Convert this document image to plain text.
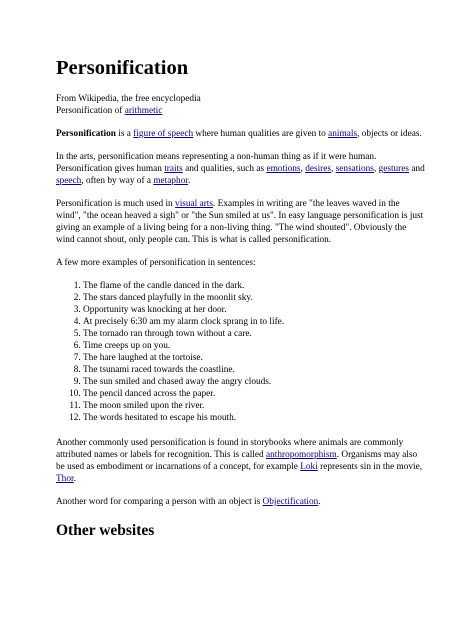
Personification
From Wikipedia, the free encyclopedia
Personification of arithmetic

Personification is a figure of speech where human qualities are given to animals, objects or ideas.

In the arts, personification means representing a non-human thing as if it were human. Personification gives human traits and qualities, such as emotions, desires, sensations, gestures and speech, often by way of a metaphor.

Personification is much used in visual arts. Examples in writing are "the leaves waved in the wind", "the ocean heaved a sigh" or "the Sun smiled at us". In easy language personification is just giving an example of a living being for a non-living thing. "The wind shouted". Obviously the wind cannot shout, only people can. This is what is called personification.

A few more examples of personification in sentences:

1. The flame of the candle danced in the dark.
2. The stars danced playfully in the moonlit sky.
3. Opportunity was knocking at her door.
4. At precisely 6:30 am my alarm clock sprang in to life.
5. The tornado ran through town without a care.
6. Time creeps up on you.
7. The hare laughed at the tortoise.
8. The tsunami raced towards the coastline.
9. The sun smiled and chased away the angry clouds.
10. The pencil danced across the paper.
11. The moon smiled upon the river.
12. The words hesitated to escape his mouth.

Another commonly used personification is found in storybooks where animals are commonly attributed names or labels for recognition. This is called anthropomorphism. Organisms may also be used as embodiment or incarnations of a concept, for example Loki represents sin in the movie, Thor.

Another word for comparing a person with an object is Objectification.

Other websites
